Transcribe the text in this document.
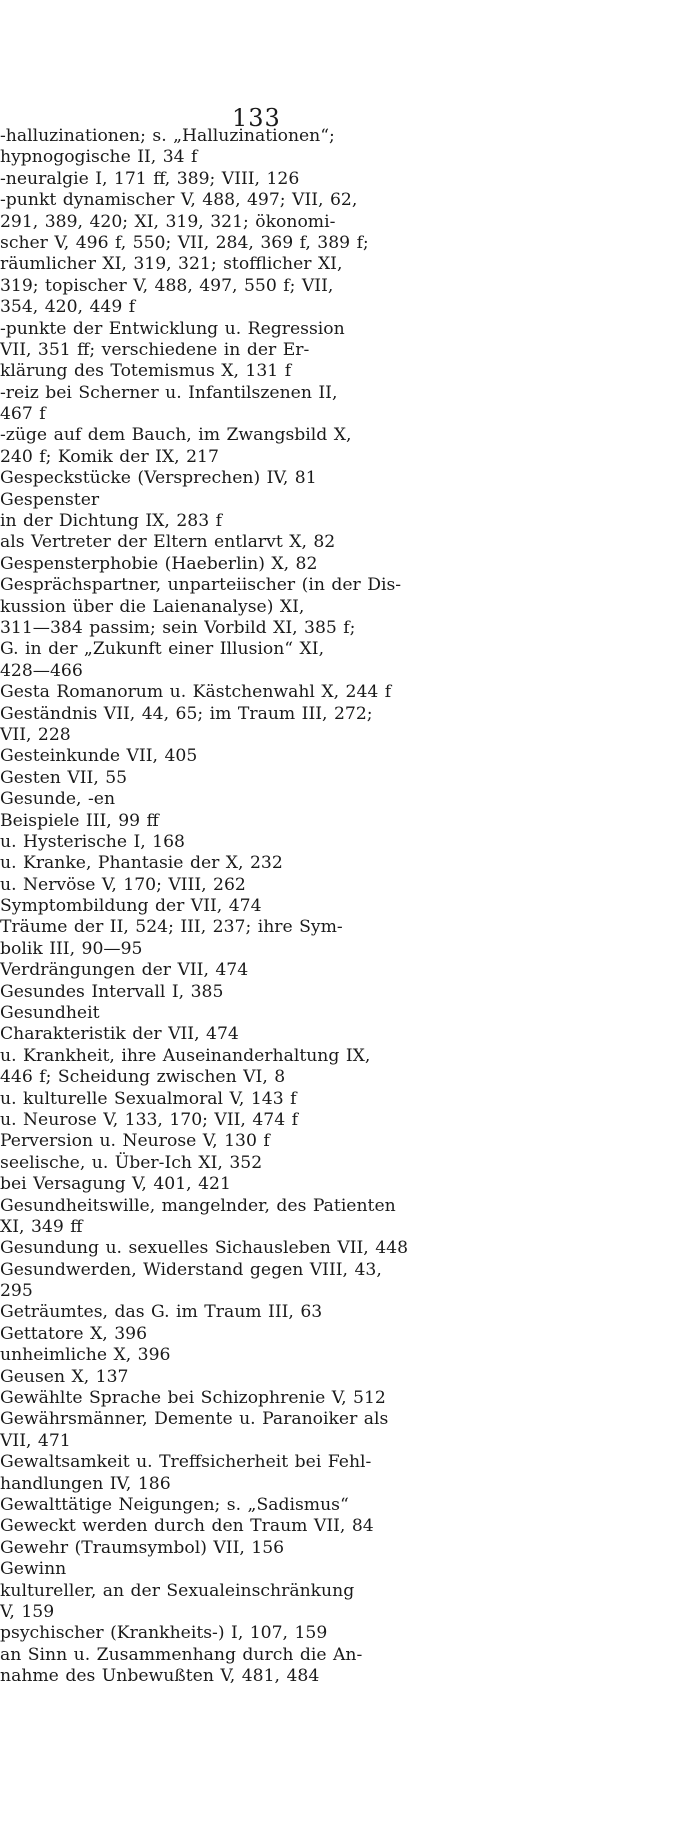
133
-halluzinationen; s. „Halluzinationen“;
hypnogogische II, 34 f
-neuralgie I, 171 ff, 389; VIII, 126
-punkt dynamischer V, 488, 497; VII, 62,
291, 389, 420; XI, 319, 321; ökonomi-
scher V, 496 f, 550; VII, 284, 369 f, 389 f;
räumlicher XI, 319, 321; stofflicher XI,
319; topischer V, 488, 497, 550 f; VII,
354, 420, 449 f
-punkte der Entwicklung u. Regression
VII, 351 ff; verschiedene in der Er-
klärung des Totemismus X, 131 f
-reiz bei Scherner u. Infantilszenen II,
467 f
-züge auf dem Bauch, im Zwangsbild X,
240 f; Komik der IX, 217
Gespeckstücke (Versprechen) IV, 81
Gespenster
in der Dichtung IX, 283 f
als Vertreter der Eltern entlarvt X, 82
Gespensterphobie (Haeberlin) X, 82
Gesprächspartner, unparteiischer (in der Dis-
kussion über die Laienanalyse) XI,
311—384 passim; sein Vorbild XI, 385 f;
G. in der „Zukunft einer Illusion“ XI,
428—466
Gesta Romanorum u. Kästchenwahl X, 244 f
Geständnis VII, 44, 65; im Traum III, 272;
VII, 228
Gesteinkunde VII, 405
Gesten VII, 55
Gesunde, -en
Beispiele III, 99 ff
u. Hysterische I, 168
u. Kranke, Phantasie der X, 232
u. Nervöse V, 170; VIII, 262
Symptombildung der VII, 474
Träume der II, 524; III, 237; ihre Sym-
bolik III, 90—95
Verdrängungen der VII, 474
Gesundes Intervall I, 385
Gesundheit
Charakteristik der VII, 474
u. Krankheit, ihre Auseinanderhaltung IX,
446 f; Scheidung zwischen VI, 8
u. kulturelle Sexualmoral V, 143 f
u. Neurose V, 133, 170; VII, 474 f
Perversion u. Neurose V, 130 f
seelische, u. Über-Ich XI, 352
bei Versagung V, 401, 421
Gesundheitswille, mangelnder, des Patienten
XI, 349 ff
Gesundung u. sexuelles Sichausleben VII, 448
Gesundwerden, Widerstand gegen VIII, 43,
295
Geträumtes, das G. im Traum III, 63
Gettatore X, 396
unheimliche X, 396
Geusen X, 137
Gewählte Sprache bei Schizophrenie V, 512
Gewährsmänner, Demente u. Paranoiker als
VII, 471
Gewaltsamkeit u. Treffsicherheit bei Fehl-
handlungen IV, 186
Gewalttätige Neigungen; s. „Sadismus“
Geweckt werden durch den Traum VII, 84
Gewehr (Traumsymbol) VII, 156
Gewinn
kultureller, an der Sexualeinschränkung
V, 159
psychischer (Krankheits-) I, 107, 159
an Sinn u. Zusammenhang durch die An-
nahme des Unbewußten V, 481, 484
